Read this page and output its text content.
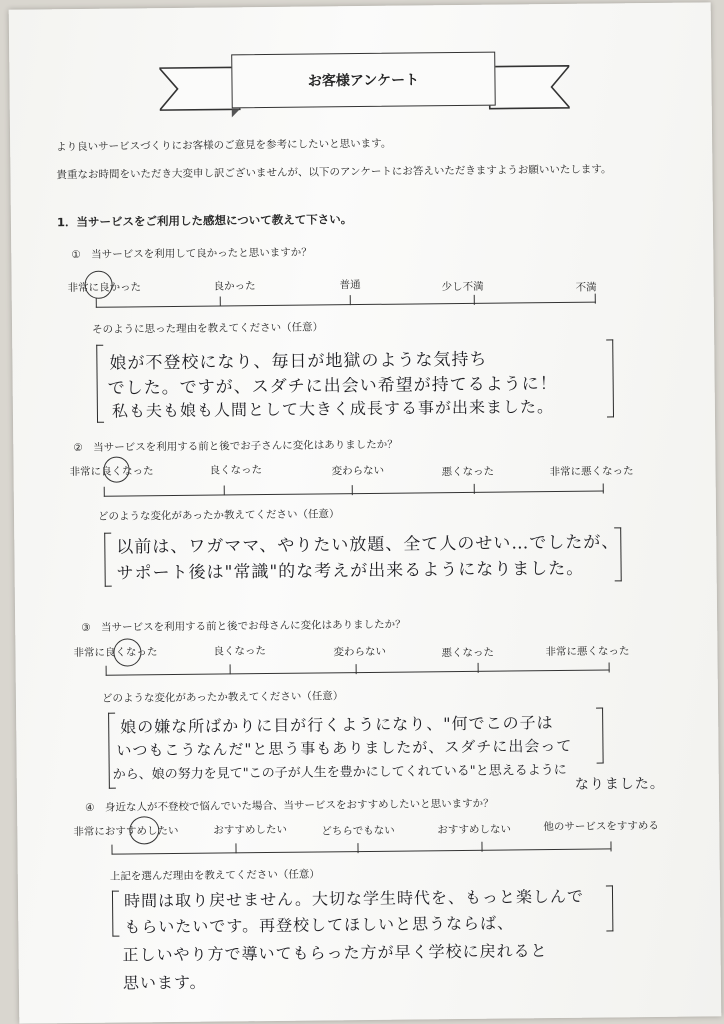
お客様アンケート
より良いサービスづくりにお客様のご意見を参考にしたいと思います。
貴重なお時間をいただき大変申し訳ございませんが、以下のアンケートにお答えいただきますようお願いいたします。
1．当サービスをご利用した感想について教えて下さい。
①　当サービスを利用して良かったと思いますか？
非常に良かった	良かった	普通	少し不満	不満
そのように思った理由を教えてください（任意）
娘が不登校になり、毎日が地獄のような気持ち
でした。ですが、スダチに出会い希望が持てるように！
私も夫も娘も人間として大きく成長する事が出来ました。
②　当サービスを利用する前と後でお子さんに変化はありましたか？
非常に良くなった	良くなった	変わらない	悪くなった	非常に悪くなった
どのような変化があったか教えてください（任意）
以前は、ワガママ、やりたい放題、全て人のせい…でしたが、
サポート後は"常識"的な考えが出来るようになりました。
③　当サービスを利用する前と後でお母さんに変化はありましたか？
非常に良くなった	良くなった	変わらない	悪くなった	非常に悪くなった
どのような変化があったか教えてください（任意）
娘の嫌な所ばかりに目が行くようになり、"何でこの子は
いつもこうなんだ"と思う事もありましたが、スダチに出会って
から、娘の努力を見て"この子が人生を豊かにしてくれている"と思えるように
なりました。
④　身近な人が不登校で悩んでいた場合、当サービスをおすすめしたいと思いますか？
非常におすすめしたい	おすすめしたい	どちらでもない	おすすめしない	他のサービスをすすめる
上記を選んだ理由を教えてください（任意）
時間は取り戻せません。大切な学生時代を、もっと楽しんで
もらいたいです。再登校してほしいと思うならば、
正しいやり方で導いてもらった方が早く学校に戻れると
思います。
